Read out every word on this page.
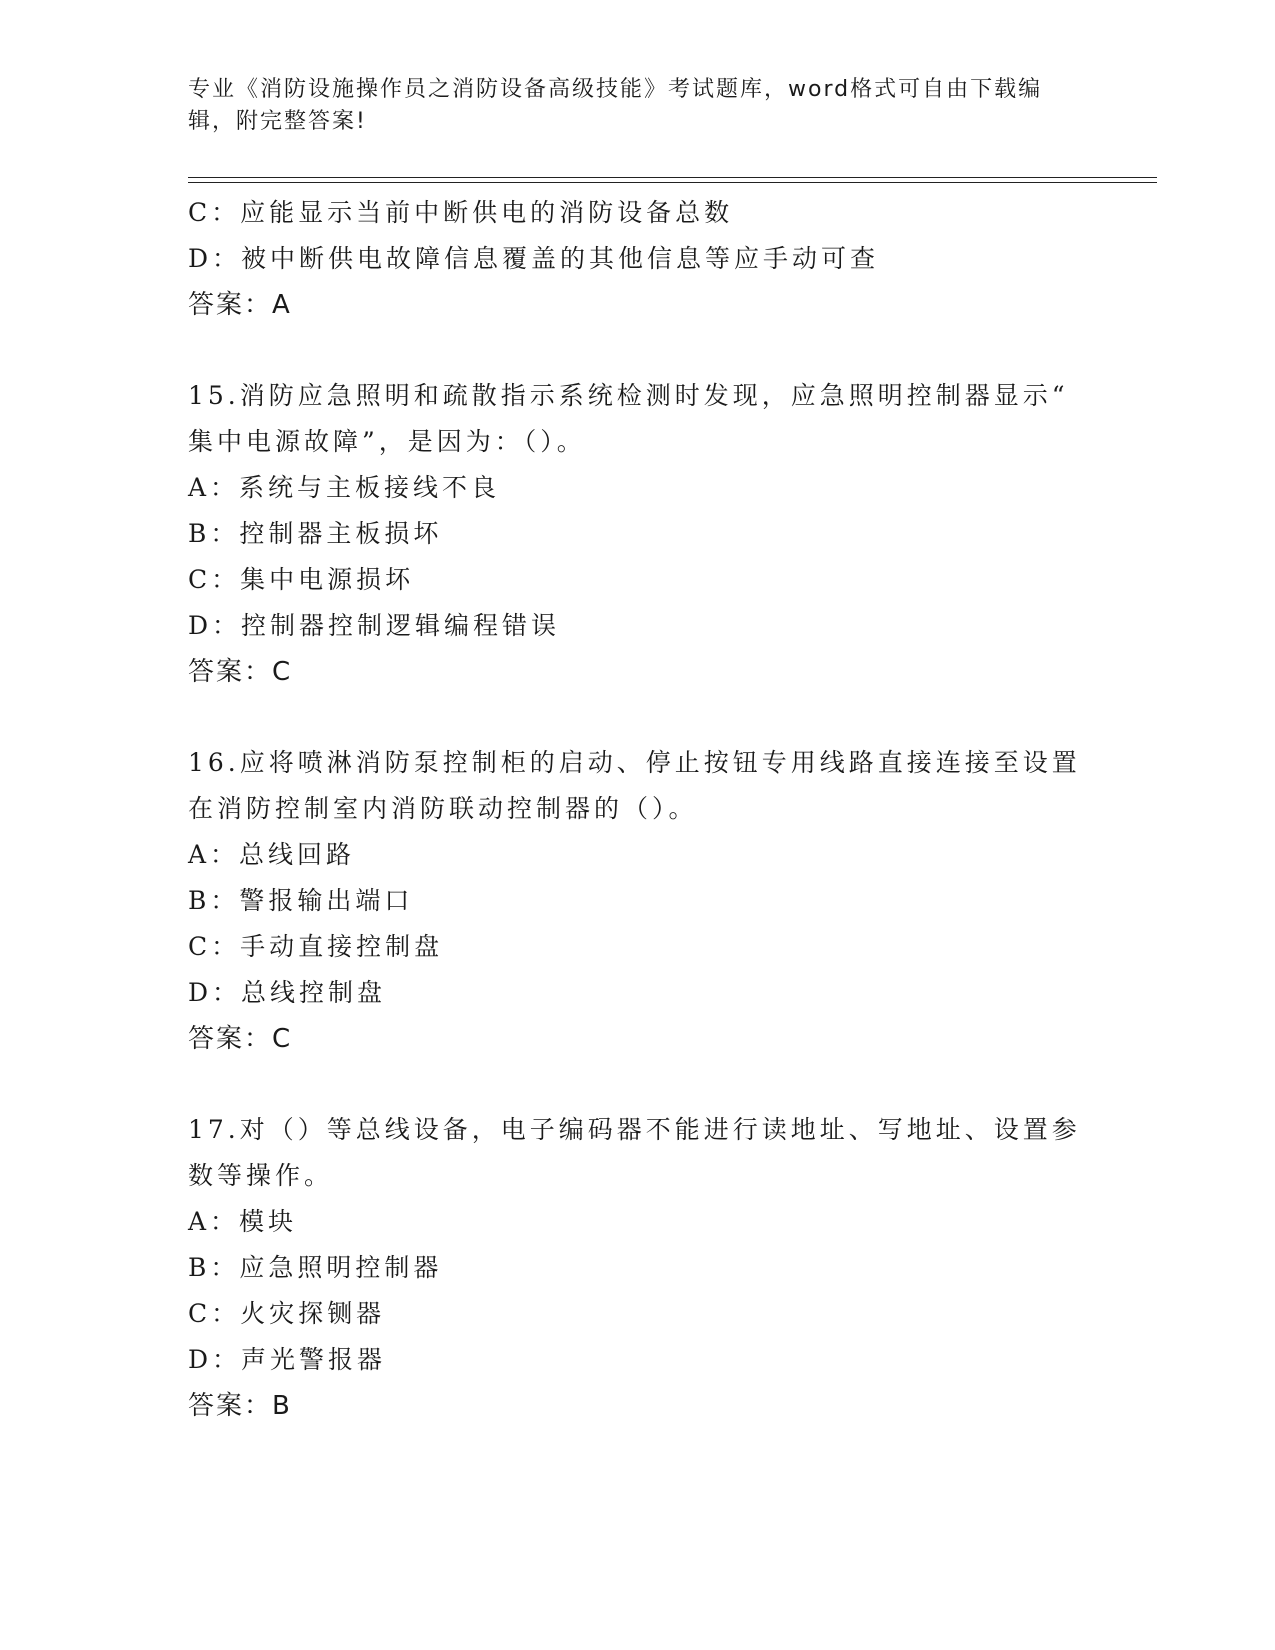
专业《消防设施操作员之消防设备高级技能》考试题库，word格式可自由下载编
辑，附完整答案!
C：应能显示当前中断供电的消防设备总数
D：被中断供电故障信息覆盖的其他信息等应手动可查
答案：A
15.消防应急照明和疏散指示系统检测时发现，应急照明控制器显示“
集中电源故障”，是因为：（）。
A：系统与主板接线不良
B：控制器主板损坏
C：集中电源损坏
D：控制器控制逻辑编程错误
答案：C
16.应将喷淋消防泵控制柜的启动、停止按钮专用线路直接连接至设置
在消防控制室内消防联动控制器的（）。
A：总线回路
B：警报输出端口
C：手动直接控制盘
D：总线控制盘
答案：C
17.对（）等总线设备，电子编码器不能进行读地址、写地址、设置参
数等操作。
A：模块
B：应急照明控制器
C：火灾探铡器
D：声光警报器
答案：B
